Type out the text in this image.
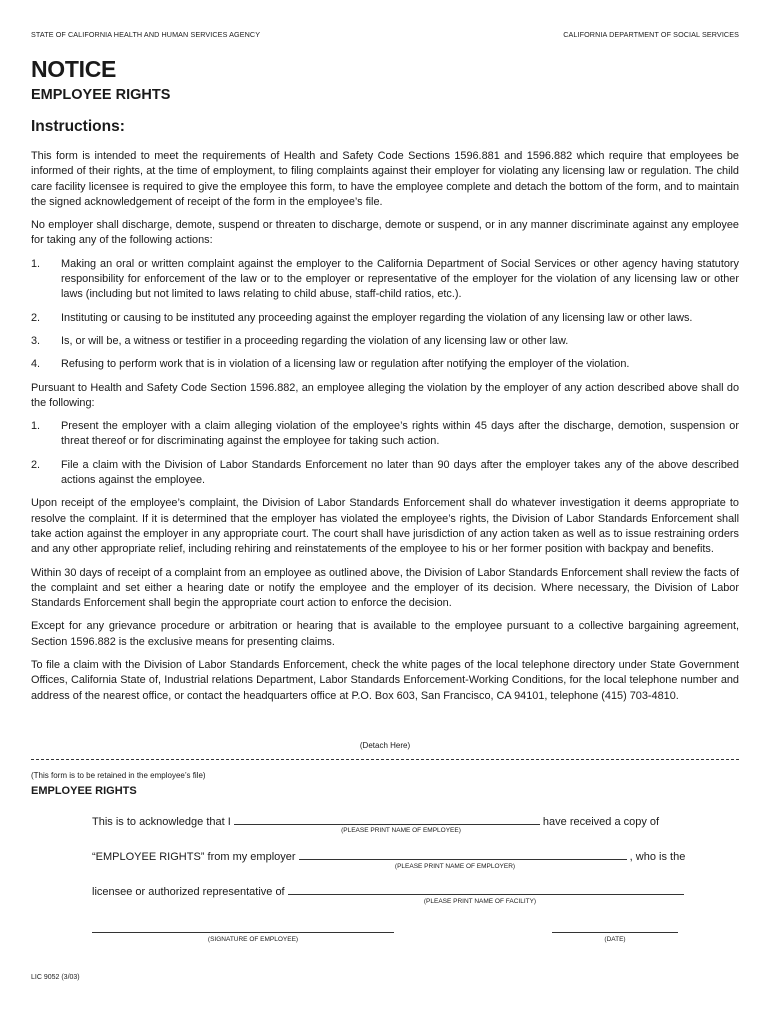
STATE OF CALIFORNIA HEALTH AND HUMAN SERVICES AGENCY	CALIFORNIA DEPARTMENT OF SOCIAL SERVICES
NOTICE
EMPLOYEE RIGHTS
Instructions:

This form is intended to meet the requirements of Health and Safety Code Sections 1596.881 and 1596.882 which require that employees be informed of their rights, at the time of employment, to filing complaints against their employer for violating any licensing law or regulation. The child care facility licensee is required to give the employee this form, to have the employee complete and detach the bottom of the form, and to maintain the signed acknowledgement of receipt of the form in the employee’s file.

No employer shall discharge, demote, suspend or threaten to discharge, demote or suspend, or in any manner discriminate against any employee for taking any of the following actions:

1.	Making an oral or written complaint against the employer to the California Department of Social Services or other agency having statutory responsibility for enforcement of the law or to the employer or representative of the employer for the violation of any licensing law or other laws (including but not limited to laws relating to child abuse, staff-child ratios, etc.).
2.	Instituting or causing to be instituted any proceeding against the employer regarding the violation of any licensing law or other laws.
3.	Is, or will be, a witness or testifier in a proceeding regarding the violation of any licensing law or other law.
4.	Refusing to perform work that is in violation of a licensing law or regulation after notifying the employer of the violation.

Pursuant to Health and Safety Code Section 1596.882, an employee alleging the violation by the employer of any action described above shall do the following:

1.	Present the employer with a claim alleging violation of the employee’s rights within 45 days after the discharge, demotion, suspension or threat thereof or for discriminating against the employee for taking such action.
2.	File a claim with the Division of Labor Standards Enforcement no later than 90 days after the employer takes any of the above described actions against the employee.

Upon receipt of the employee’s complaint, the Division of Labor Standards Enforcement shall do whatever investigation it deems appropriate to resolve the complaint. If it is determined that the employer has violated the employee’s rights, the Division of Labor Standards Enforcement shall take action against the employer in any appropriate court. The court shall have jurisdiction of any action taken as well as to issue restraining orders and any other appropriate relief, including rehiring and reinstatements of the employee to his or her former position with backpay and benefits.

Within 30 days of receipt of a complaint from an employee as outlined above, the Division of Labor Standards Enforcement shall review the facts of the complaint and set either a hearing date or notify the employee and the employer of its decision. Where necessary, the Division of Labor Standards Enforcement shall begin the appropriate court action to enforce the decision.

Except for any grievance procedure or arbitration or hearing that is available to the employee pursuant to a collective bargaining agreement, Section 1596.882 is the exclusive means for presenting claims.

To file a claim with the Division of Labor Standards Enforcement, check the white pages of the local telephone directory under State Government Offices, California State of, Industrial relations Department, Labor Standards Enforcement-Working Conditions, for the local telephone number and address of the nearest office, or contact the headquarters office at P.O. Box 603, San Francisco, CA 94101, telephone (415) 703-4810.

(Detach Here)
(This form is to be retained in the employee’s file)
EMPLOYEE RIGHTS
This is to acknowledge that I	have received a copy of
(PLEASE PRINT NAME OF EMPLOYEE)
“EMPLOYEE RIGHTS” from my employer	, who is the
(PLEASE PRINT NAME OF EMPLOYER)
licensee or authorized representative of
(PLEASE PRINT NAME OF FACILITY)
(SIGNATURE OF EMPLOYEE)	(DATE)
LIC 9052 (3/03)
